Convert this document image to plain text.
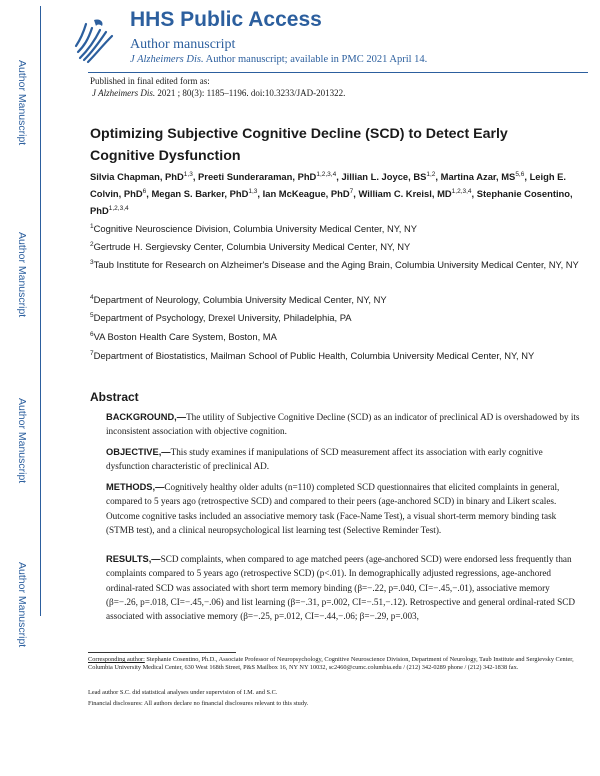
Author Manuscript
Author Manuscript
Author Manuscript
Author Manuscript
HHS Public Access
Author manuscript
J Alzheimers Dis. Author manuscript; available in PMC 2021 April 14.
Published in final edited form as:
J Alzheimers Dis. 2021 ; 80(3): 1185–1196. doi:10.3233/JAD-201322.
Optimizing Subjective Cognitive Decline (SCD) to Detect Early Cognitive Dysfunction
Silvia Chapman, PhD$^{1,3}$, Preeti Sunderaraman, PhD$^{1,2,3,4}$, Jillian L. Joyce, BS$^{1,2}$, Martina Azar, MS$^{5,6}$, Leigh E. Colvin, PhD$^6$, Megan S. Barker, PhD$^{1,3}$, Ian McKeague, PhD$^7$, William C. Kreisl, MD$^{1,2,3,4}$, Stephanie Cosentino, PhD$^{1,2,3,4}$

$^1$Cognitive Neuroscience Division, Columbia University Medical Center, NY, NY

$^2$Gertrude H. Sergievsky Center, Columbia University Medical Center, NY, NY

$^3$Taub Institute for Research on Alzheimer's Disease and the Aging Brain, Columbia University Medical Center, NY, NY

$^4$Department of Neurology, Columbia University Medical Center, NY, NY

$^5$Department of Psychology, Drexel University, Philadelphia, PA

$^6$VA Boston Health Care System, Boston, MA

$^7$Department of Biostatistics, Mailman School of Public Health, Columbia University Medical Center, NY, NY

Abstract

BACKGROUND,—The utility of Subjective Cognitive Decline (SCD) as an indicator of preclinical AD is overshadowed by its inconsistent association with objective cognition.

OBJECTIVE,—This study examines if manipulations of SCD measurement affect its association with early cognitive dysfunction characteristic of preclinical AD.

METHODS,—Cognitively healthy older adults (n=110) completed SCD questionnaires that elicited complaints in general, compared to 5 years ago (retrospective SCD) and compared to their peers (age-anchored SCD) in binary and Likert scales. Outcome cognitive tasks included an associative memory task (Face-Name Test), a visual short-term memory binding task (STMB test), and a clinical neuropsychological list learning test (Selective Reminder Test).

RESULTS,—SCD complaints, when compared to age matched peers (age-anchored SCD) were endorsed less frequently than complaints compared to 5 years ago (retrospective SCD) (p<.01). In demographically adjusted regressions, age-anchored ordinal-rated SCD was associated with short term memory binding (β=−.22, p=.040, CI=−.45,−.01), associative memory (β=−.26, p=.018, CI=−.45,−.06) and list learning (β=−.31, p=.002, CI=−.51,−.12). Retrospective and general ordinal-rated SCD associated with associative memory (β=−.25, p=.012, CI=−.44,−.06; β=−.29, p=.003,

Corresponding author: Stephanie Cosentino, Ph.D., Associate Professor of Neuropsychology, Cognitive Neuroscience Division, Department of Neurology, Taub Institute and Sergievsky Center, Columbia University Medical Center, 630 West 168th Street, P&S Mailbox 16, NY NY 10032, sc2460@cumc.columbia.edu / (212) 342-0289 phone / (212) 342-1838 fax.

Lead author S.C. did statistical analyses under supervision of I.M. and S.C.

Financial disclosures: All authors declare no financial disclosures relevant to this study.
